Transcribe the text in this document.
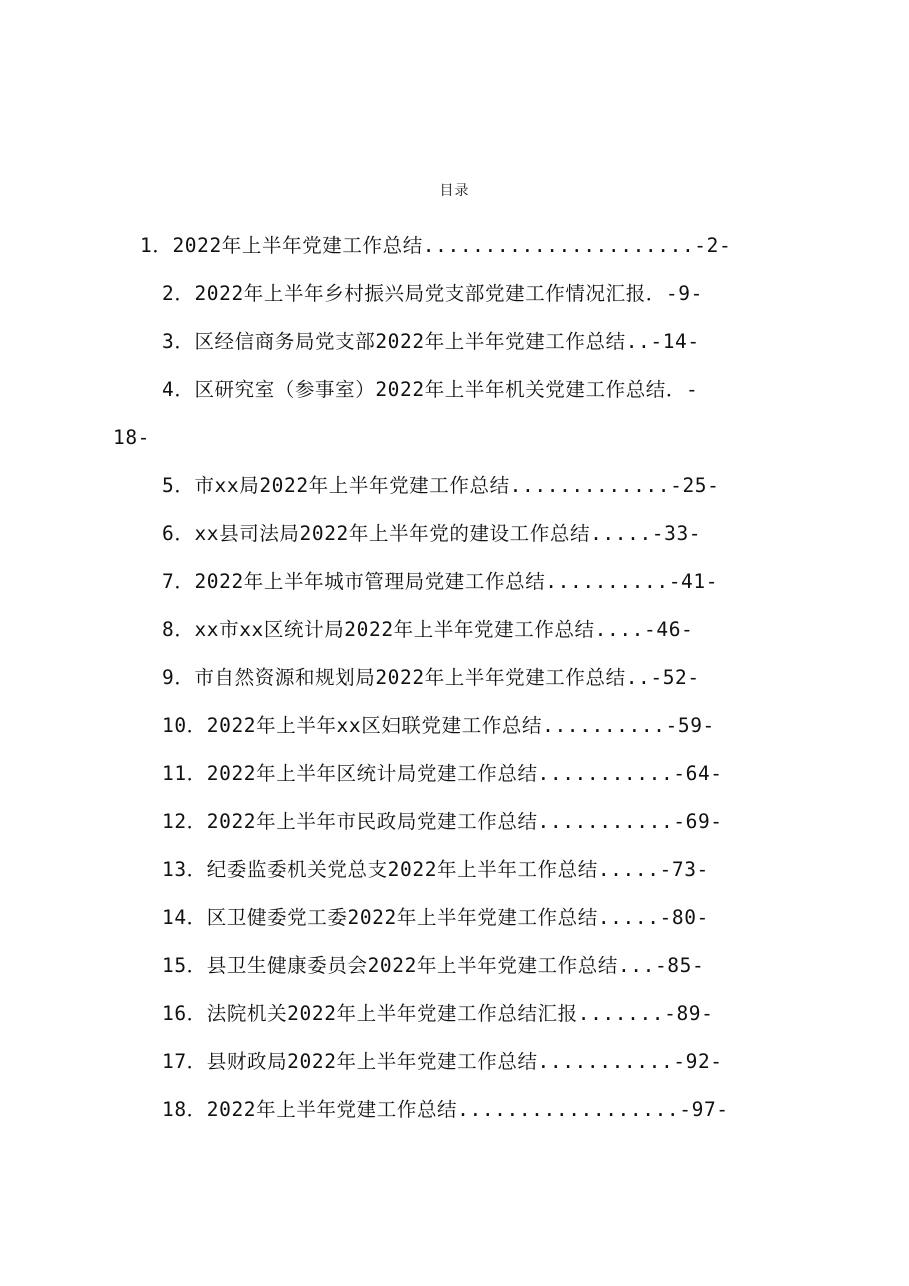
目录
1．2022年上半年党建工作总结......................-2-
2．2022年上半年乡村振兴局党支部党建工作情况汇报．-9-
3．区经信商务局党支部2022年上半年党建工作总结..-14-
4．区研究室（参事室）2022年上半年机关党建工作总结．-
18-
5．市xx局2022年上半年党建工作总结.............-25-
6．xx县司法局2022年上半年党的建设工作总结.....-33-
7．2022年上半年城市管理局党建工作总结..........-41-
8．xx市xx区统计局2022年上半年党建工作总结....-46-
9．市自然资源和规划局2022年上半年党建工作总结..-52-
10．2022年上半年xx区妇联党建工作总结..........-59-
11．2022年上半年区统计局党建工作总结...........-64-
12．2022年上半年市民政局党建工作总结...........-69-
13．纪委监委机关党总支2022年上半年工作总结.....-73-
14．区卫健委党工委2022年上半年党建工作总结.....-80-
15．县卫生健康委员会2022年上半年党建工作总结...-85-
16．法院机关2022年上半年党建工作总结汇报.......-89-
17．县财政局2022年上半年党建工作总结...........-92-
18．2022年上半年党建工作总结..................-97-
